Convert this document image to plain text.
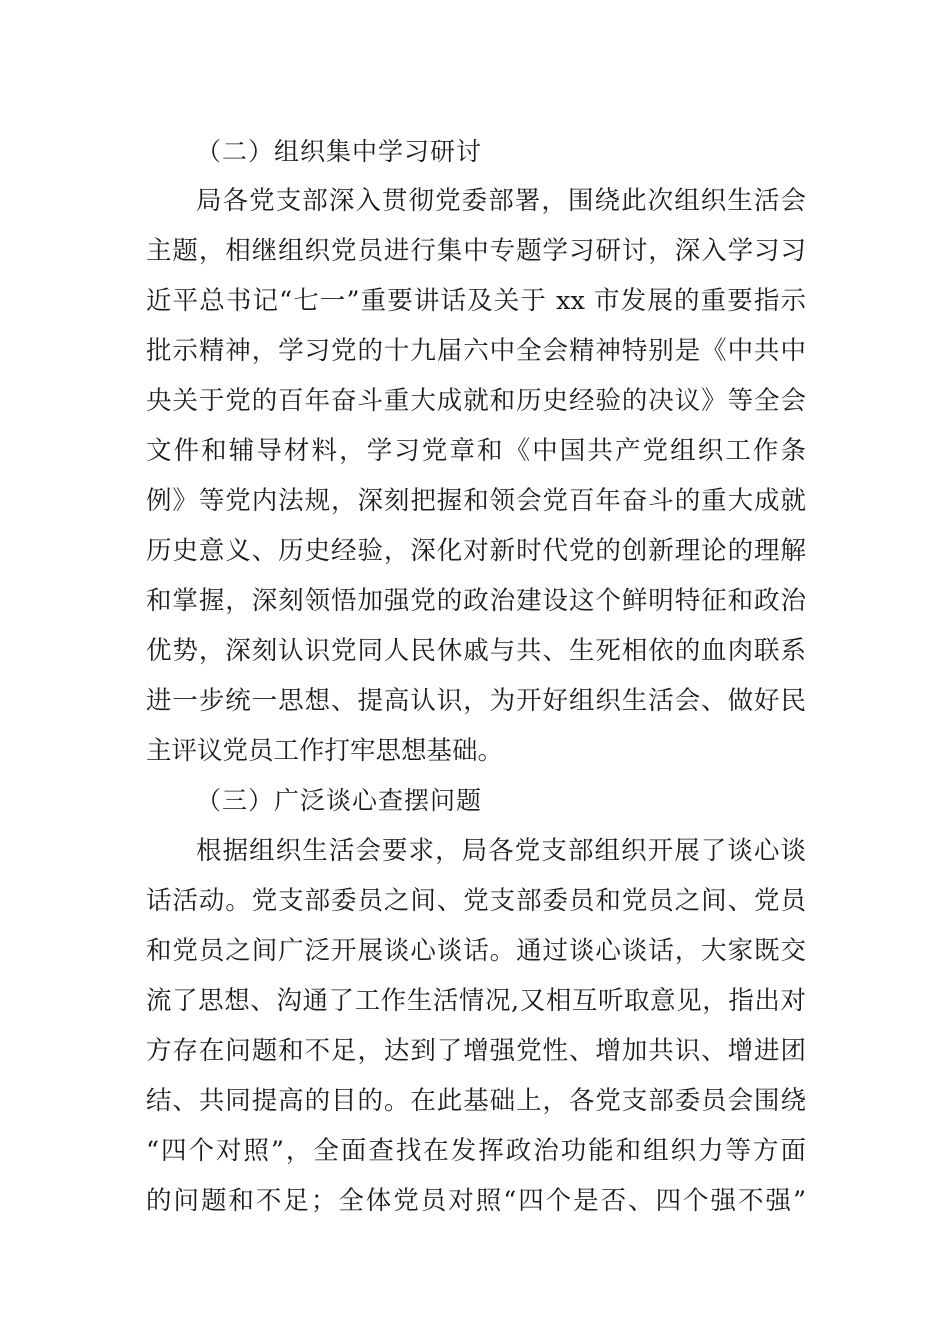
（二）组织集中学习研讨
局各党支部深入贯彻党委部署，围绕此次组织生活会
主题，相继组织党员进行集中专题学习研讨，深入学习习
近平总书记“七一”重要讲话及关于 xx 市发展的重要指示
批示精神，学习党的十九届六中全会精神特别是《中共中
央关于党的百年奋斗重大成就和历史经验的决议》等全会
文件和辅导材料，学习党章和《中国共产党组织工作条
例》等党内法规，深刻把握和领会党百年奋斗的重大成就
历史意义、历史经验，深化对新时代党的创新理论的理解
和掌握，深刻领悟加强党的政治建设这个鲜明特征和政治
优势，深刻认识党同人民休戚与共、生死相依的血肉联系
进一步统一思想、提高认识，为开好组织生活会、做好民
主评议党员工作打牢思想基础。
（三）广泛谈心查摆问题
根据组织生活会要求，局各党支部组织开展了谈心谈
话活动。党支部委员之间、党支部委员和党员之间、党员
和党员之间广泛开展谈心谈话。通过谈心谈话，大家既交
流了思想、沟通了工作生活情况,又相互听取意见，指出对
方存在问题和不足，达到了增强党性、增加共识、增进团
结、共同提高的目的。在此基础上，各党支部委员会围绕
“四个对照”，全面查找在发挥政治功能和组织力等方面
的问题和不足；全体党员对照“四个是否、四个强不强”
